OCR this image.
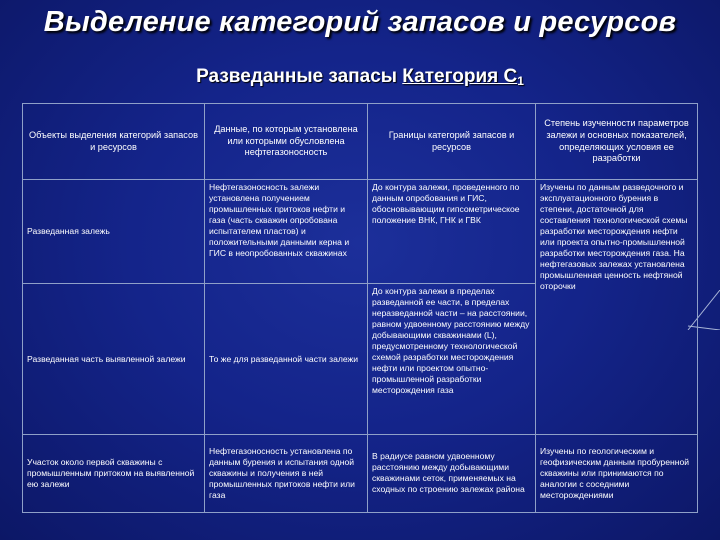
Выделение категорий запасов и ресурсов
Разведанные запасы Категория $С_1$
Объекты выделения категорий запасов и ресурсов	Данные, по которым установлена или которыми обусловлена нефтегазоносность	Границы категорий запасов и ресурсов	Степень изученности параметров залежи и основных показателей, определяющих условия ее разработки
Разведанная залежь	Нефтегазоносность залежи установлена получением промышленных притоков нефти и газа (часть скважин опробована испытателем пластов) и положительными данными керна и ГИС в неопробованных скважинах	До контура залежи, проведенного по данным опробования и ГИС, обосновывающим гипсометрическое положение ВНК, ГНК и ГВК	Изучены по данным разведочного и эксплуатационного бурения в степени, достаточной для составления технологической схемы разработки месторождения нефти или проекта опытно-промышленной разработки месторождения газа. На нефтегазовых залежах установлена промышленная ценность нефтяной оторочки
Разведанная часть выявленной залежи	То же для разведанной части залежи	До контура залежи в пределах разведанной ее части, в пределах неразведанной части – на расстоянии, равном удвоенному расстоянию между добывающими скважинами (L), предусмотренному технологической схемой разработки месторождения нефти или проектом опытно-промышленной разработки месторождения газа	
Участок около первой скважины с промышленным притоком на выявленной ею залежи	Нефтегазоносность установлена по данным бурения и испытания одной скважины и получения в ней промышленных притоков нефти или газа	В радиусе равном удвоенному расстоянию между добывающими скважинами сеток, применяемых на сходных по строению залежах района	Изучены по геологическим и геофизическим данным пробуренной скважины или принимаются по аналогии с соседними месторождениями
